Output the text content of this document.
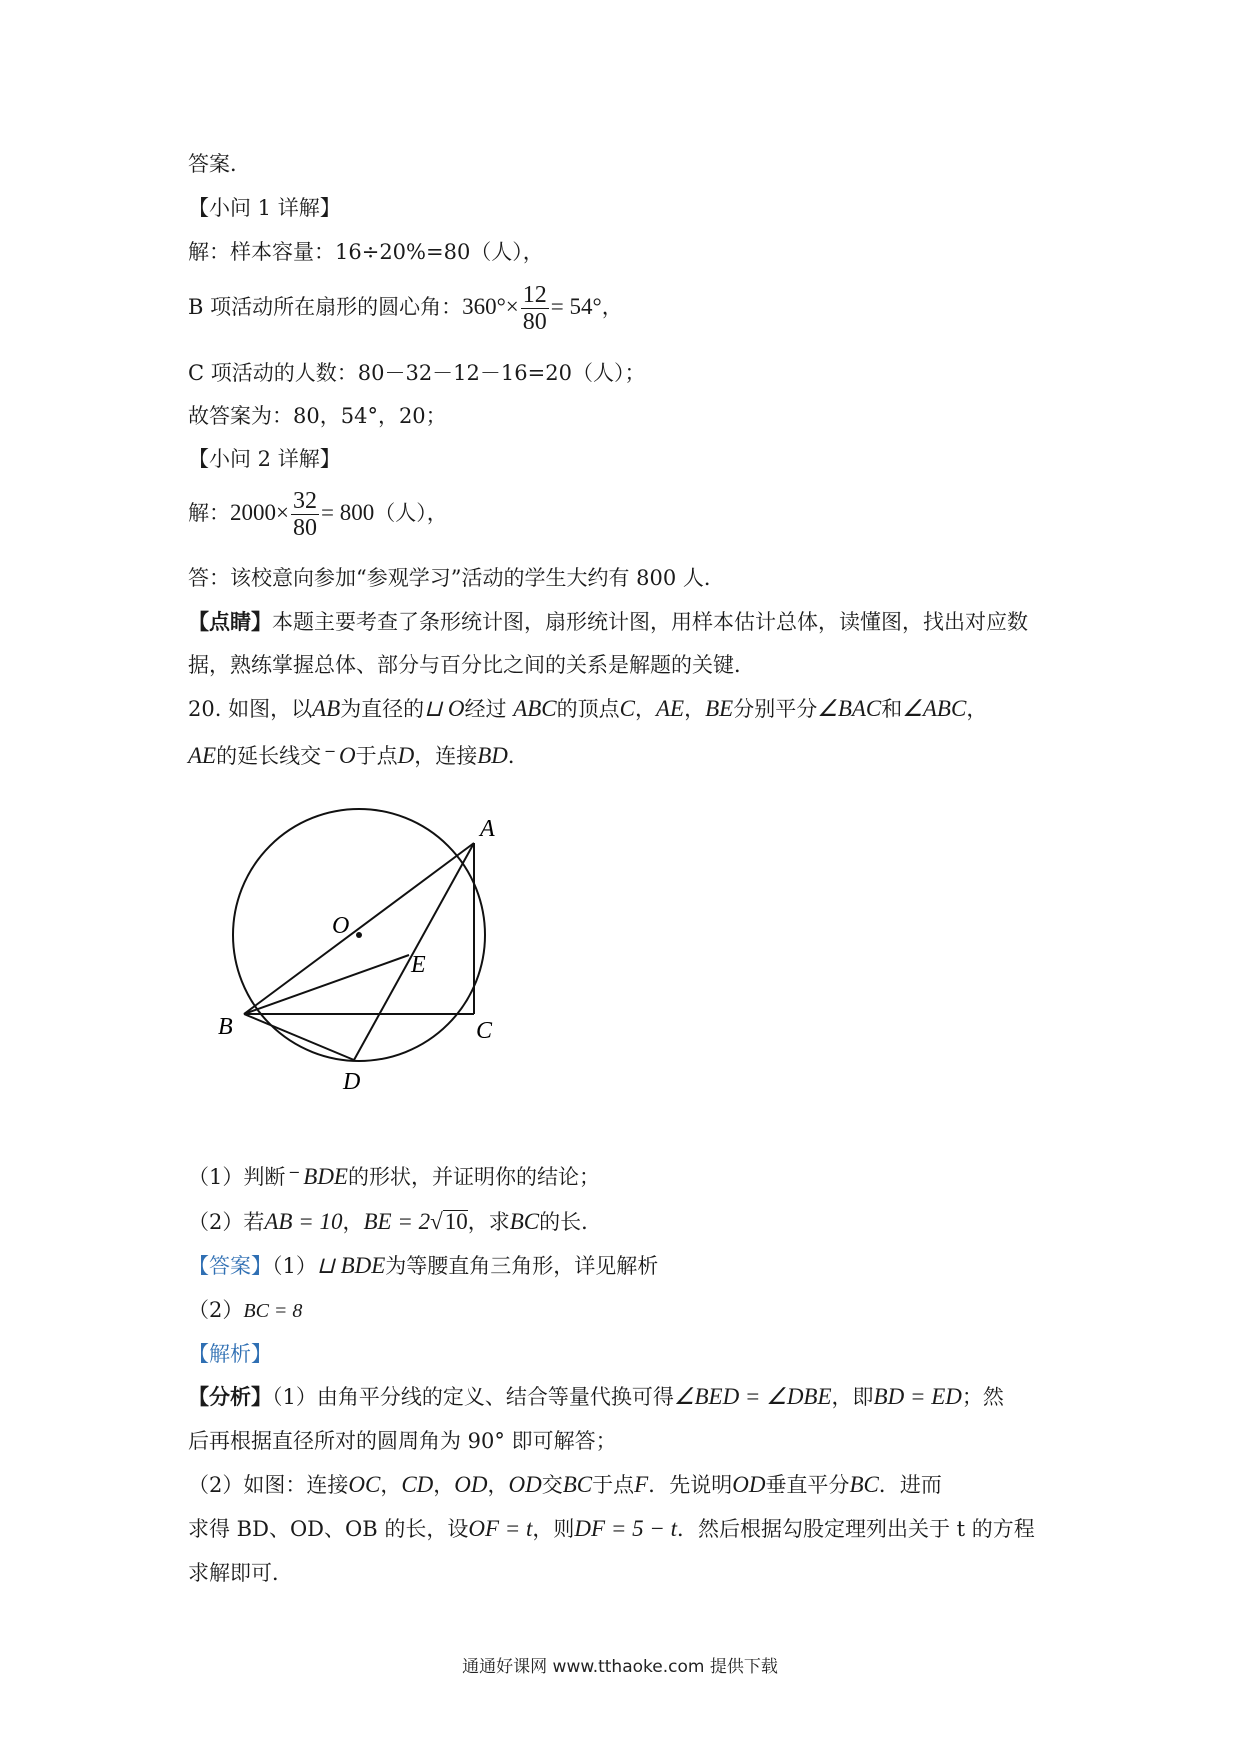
答案．
【小问 1 详解】
解：样本容量：16÷20%=80（人），
B 项活动所在扇形的圆心角：$360^\circ\times \frac{12}{80} = 54^\circ$，
C 项活动的人数：80－32－12－16=20（人）；
故答案为：80，54°，20；
【小问 2 详解】
解：$2000\times \frac{32}{80} = 800$（人），
答：该校意向参加“参观学习”活动的学生大约有 800 人．
【点睛】本题主要考查了条形统计图，扇形统计图，用样本估计总体，读懂图，找出对应数
据，熟练掌握总体、部分与百分比之间的关系是解题的关键．
20. 如图，以AB为直径的⊔ O经过 ABC的顶点C，AE，BE分别平分∠BAC和∠ABC，
AE的延长线交⁻ O于点D，连接BD．
A
B	C
D
E
O
（1）判断⁻ BDE的形状，并证明你的结论；
（2）若AB = 10，BE = 2√10，求BC的长．
【答案】（1）⊔ BDE为等腰直角三角形，详见解析
（2）BC = 8
【解析】
【分析】（1）由角平分线的定义、结合等量代换可得∠BED = ∠DBE，即BD = ED；然
后再根据直径所对的圆周角为 90° 即可解答；
（2）如图：连接OC，CD，OD，OD交BC于点F．先说明OD垂直平分BC．进而
求得 BD、OD、OB 的长，设OF = t，则DF = 5 − t．然后根据勾股定理列出关于 t 的方程
求解即可．
通通好课网 www.tthaoke.com 提供下载
